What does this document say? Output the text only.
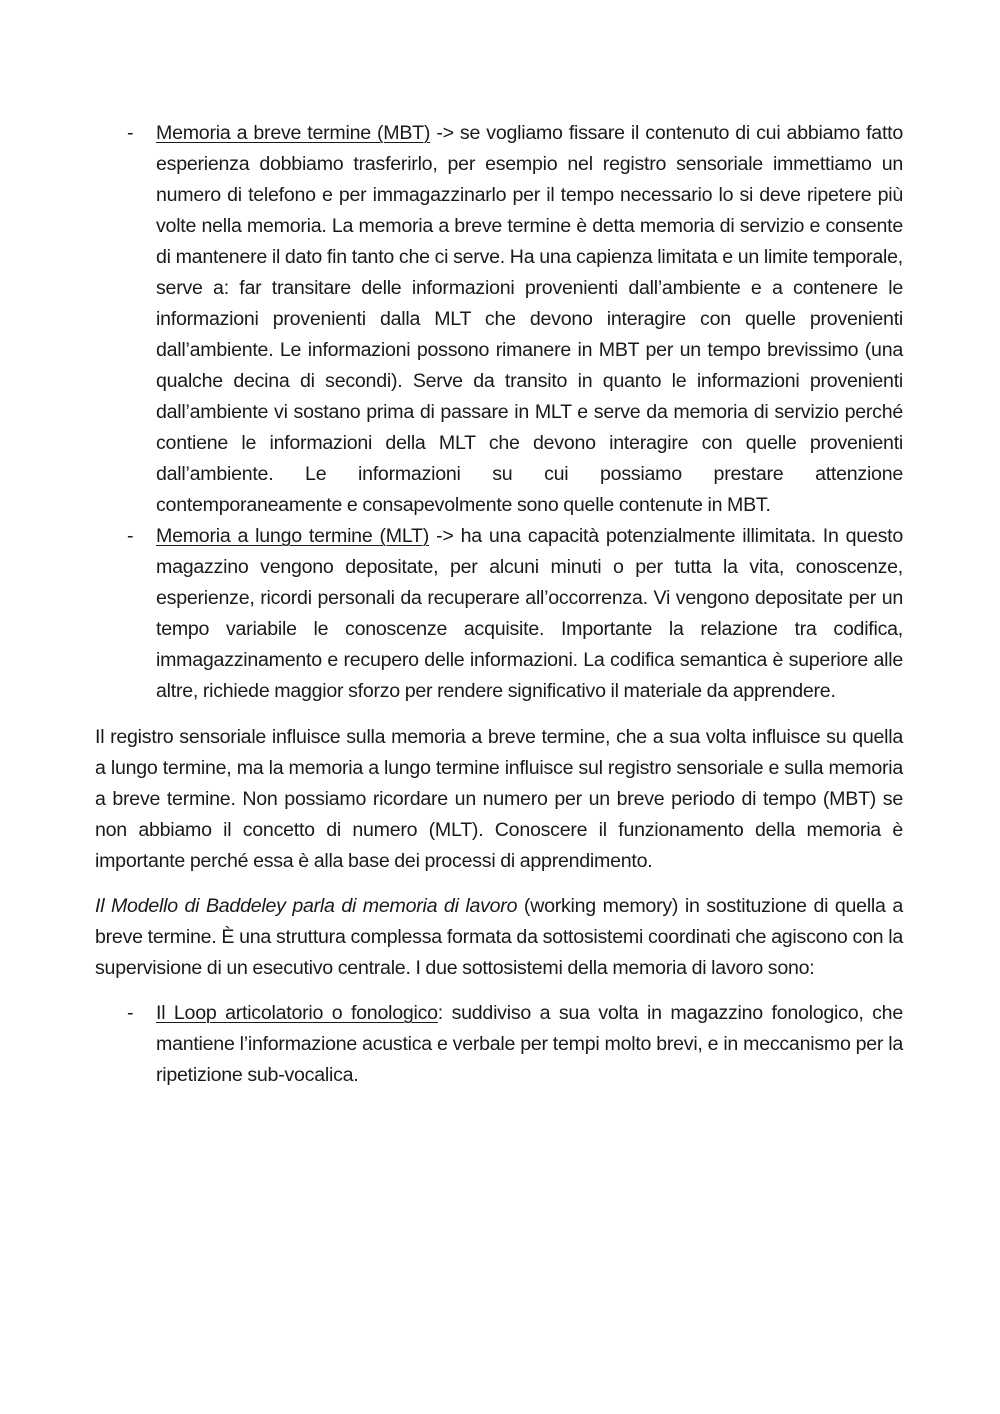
- Memoria a breve termine (MBT) -> se vogliamo fissare il contenuto di cui abbiamo fatto esperienza dobbiamo trasferirlo, per esempio nel registro sensoriale immettiamo un numero di telefono e per immagazzinarlo per il tempo necessario lo si deve ripetere più volte nella memoria. La memoria a breve termine è detta memoria di servizio e consente di mantenere il dato fin tanto che ci serve. Ha una capienza limitata e un limite temporale, serve a: far transitare delle informazioni provenienti dall’ambiente e a contenere le informazioni provenienti dalla MLT che devono interagire con quelle provenienti dall’ambiente. Le informazioni possono rimanere in MBT per un tempo brevissimo (una qualche decina di secondi). Serve da transito in quanto le informazioni provenienti dall’ambiente vi sostano prima di passare in MLT e serve da memoria di servizio perché contiene le informazioni della MLT che devono interagire con quelle provenienti dall’ambiente. Le informazioni su cui possiamo prestare attenzione contemporaneamente e consapevolmente sono quelle contenute in MBT.
- Memoria a lungo termine (MLT) -> ha una capacità potenzialmente illimitata. In questo magazzino vengono depositate, per alcuni minuti o per tutta la vita, conoscenze, esperienze, ricordi personali da recuperare all’occorrenza. Vi vengono depositate per un tempo variabile le conoscenze acquisite. Importante la relazione tra codifica, immagazzinamento e recupero delle informazioni. La codifica semantica è superiore alle altre, richiede maggior sforzo per rendere significativo il materiale da apprendere.

Il registro sensoriale influisce sulla memoria a breve termine, che a sua volta influisce su quella a lungo termine, ma la memoria a lungo termine influisce sul registro sensoriale e sulla memoria a breve termine. Non possiamo ricordare un numero per un breve periodo di tempo (MBT) se non abbiamo il concetto di numero (MLT). Conoscere il funzionamento della memoria è importante perché essa è alla base dei processi di apprendimento.

Il Modello di Baddeley parla di memoria di lavoro (working memory) in sostituzione di quella a breve termine. È una struttura complessa formata da sottosistemi coordinati che agiscono con la supervisione di un esecutivo centrale. I due sottosistemi della memoria di lavoro sono:

- Il Loop articolatorio o fonologico: suddiviso a sua volta in magazzino fonologico, che mantiene l’informazione acustica e verbale per tempi molto brevi, e in meccanismo per la ripetizione sub-vocalica.
